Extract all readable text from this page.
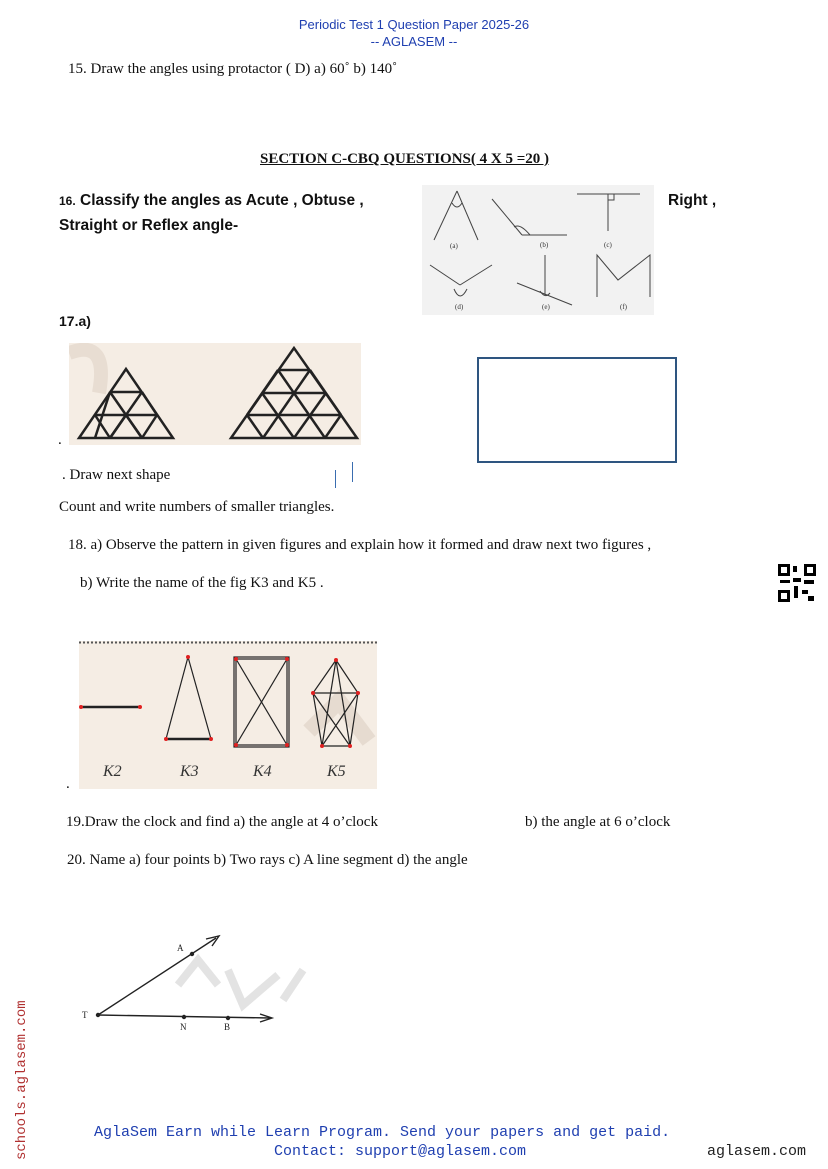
Periodic Test 1 Question Paper 2025-26
-- AGLASEM --
15. Draw the angles using protactor ( D) a) 60˚ b) 140˚
SECTION C-CBQ QUESTIONS( 4 X 5 =20 )
16. Classify the angles as Acute , Obtuse ,	Right ,
Straight or Reflex angle-
(a)	(b)	(c)
(d)	(e)	(f)
17.a)
.
. Draw next shape
Count and write numbers of smaller triangles.
18. a) Observe the pattern in given figures and explain how it formed and draw next two figures ,
b) Write the name of the fig K3 and K5 .
K2	K3	K4	K5
.
19.Draw the clock and find a) the angle at 4 o’clock	b) the angle at 6 o’clock
20. Name a) four points b) Two rays c) A line segment d) the angle
A
T
N	B
schools.aglasem.com	AglaSem Earn while Learn Program. Send your papers and get paid.
Contact: support@aglasem.com	aglasem.com
